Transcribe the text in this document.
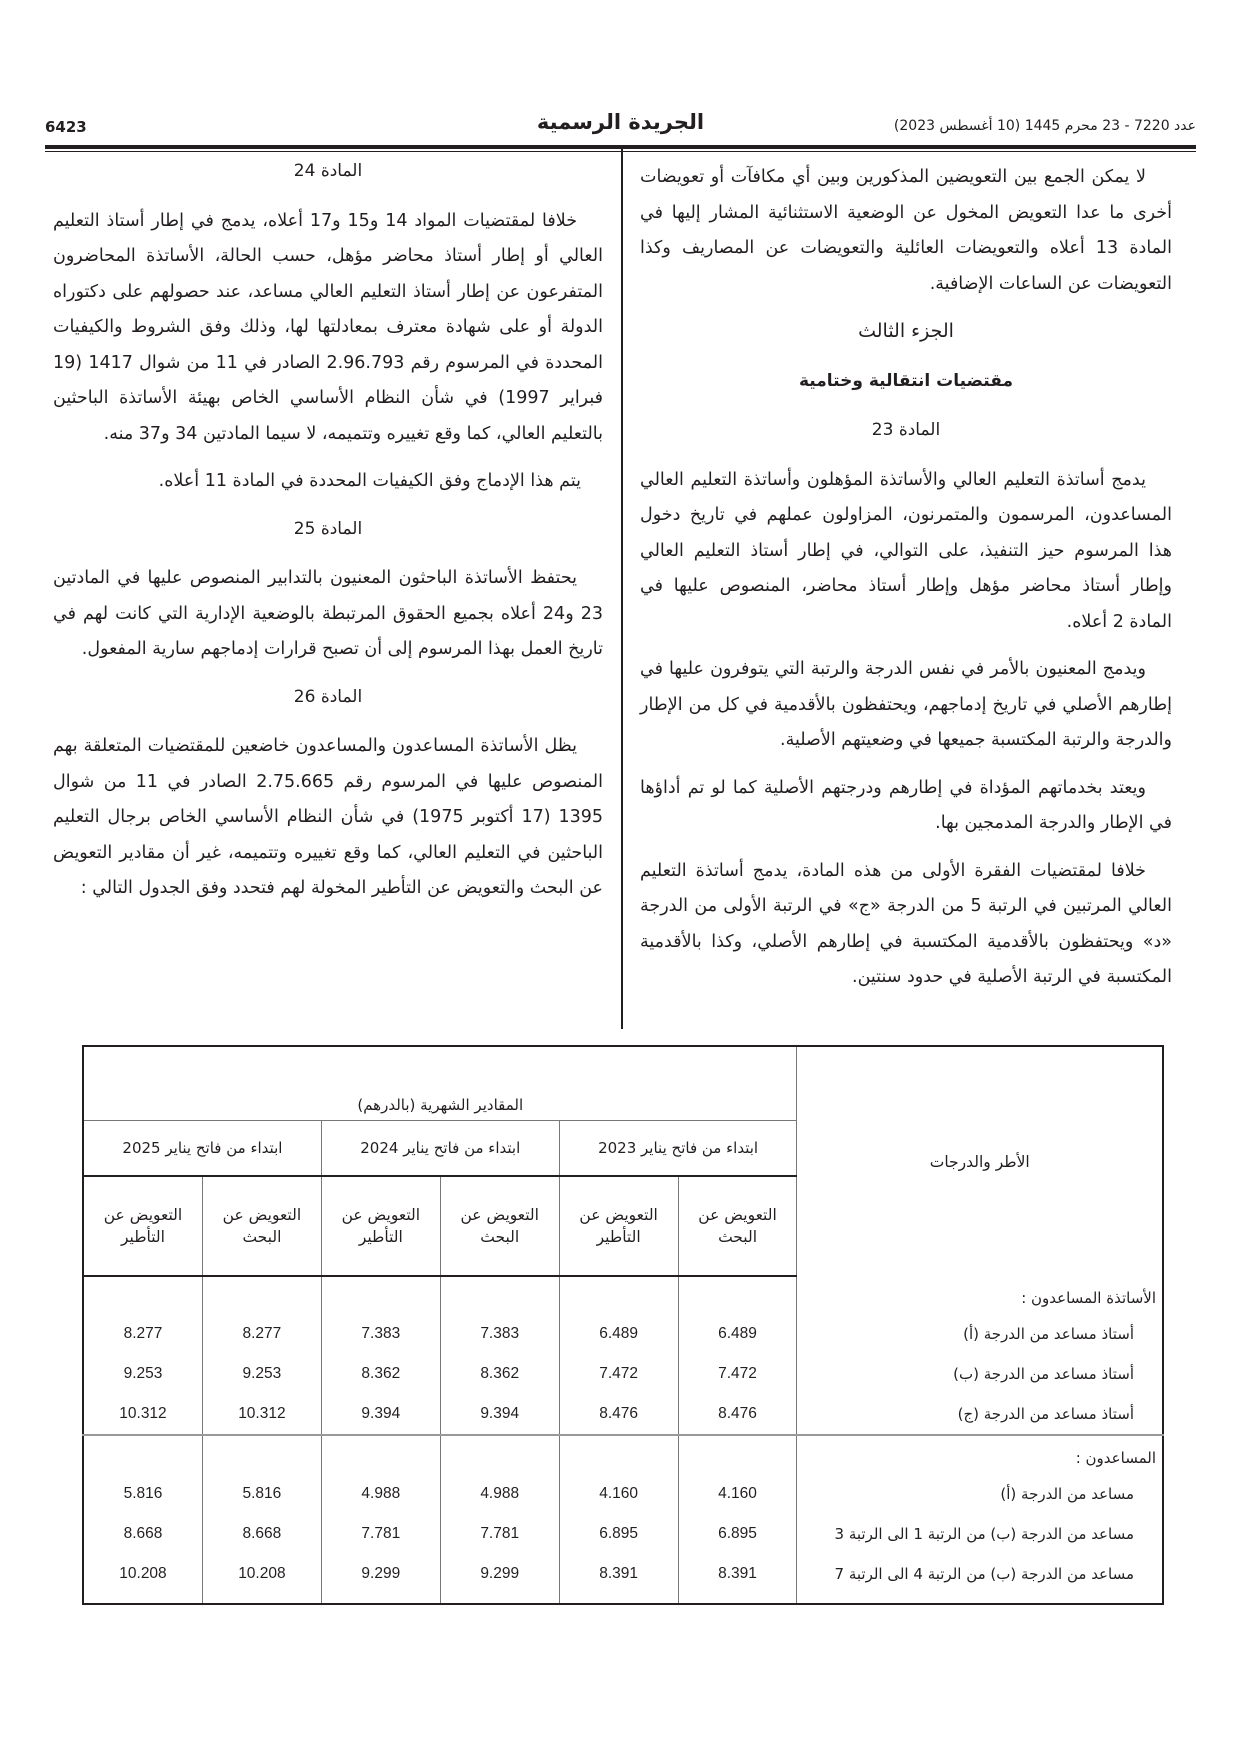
عدد 7220 - 23 محرم 1445 (10 أغسطس 2023)
الجريدة الرسمية
6423

لا يمكن الجمع بين التعويضين المذكورين وبين أي مكافآت أو تعويضات أخرى ما عدا التعويض المخول عن الوضعية الاستثنائية المشار إليها في المادة 13 أعلاه والتعويضات العائلية والتعويضات عن المصاريف وكذا التعويضات عن الساعات الإضافية.

الجزء الثالث
مقتضيات انتقالية وختامية
المادة 23

يدمج أساتذة التعليم العالي والأساتذة المؤهلون وأساتذة التعليم العالي المساعدون، المرسمون والمتمرنون، المزاولون عملهم في تاريخ دخول هذا المرسوم حيز التنفيذ، على التوالي، في إطار أستاذ التعليم العالي وإطار أستاذ محاضر مؤهل وإطار أستاذ محاضر، المنصوص عليها في المادة 2 أعلاه.

ويدمج المعنيون بالأمر في نفس الدرجة والرتبة التي يتوفرون عليها في إطارهم الأصلي في تاريخ إدماجهم، ويحتفظون بالأقدمية في كل من الإطار والدرجة والرتبة المكتسبة جميعها في وضعيتهم الأصلية.

ويعتد بخدماتهم المؤداة في إطارهم ودرجتهم الأصلية كما لو تم أداؤها في الإطار والدرجة المدمجين بها.

خلافا لمقتضيات الفقرة الأولى من هذه المادة، يدمج أساتذة التعليم العالي المرتبين في الرتبة 5 من الدرجة «ج» في الرتبة الأولى من الدرجة «د» ويحتفظون بالأقدمية المكتسبة في إطارهم الأصلي، وكذا بالأقدمية المكتسبة في الرتبة الأصلية في حدود سنتين.

المادة 24

خلافا لمقتضيات المواد 14 و15 و17 أعلاه، يدمج في إطار أستاذ التعليم العالي أو إطار أستاذ محاضر مؤهل، حسب الحالة، الأساتذة المحاضرون المتفرعون عن إطار أستاذ التعليم العالي مساعد، عند حصولهم على دكتوراه الدولة أو على شهادة معترف بمعادلتها لها، وذلك وفق الشروط والكيفيات المحددة في المرسوم رقم 2.96.793 الصادر في 11 من شوال 1417 (19 فبراير 1997) في شأن النظام الأساسي الخاص بهيئة الأساتذة الباحثين بالتعليم العالي، كما وقع تغييره وتتميمه، لا سيما المادتين 34 و37 منه.

يتم هذا الإدماج وفق الكيفيات المحددة في المادة 11 أعلاه.

المادة 25

يحتفظ الأساتذة الباحثون المعنيون بالتدابير المنصوص عليها في المادتين 23 و24 أعلاه بجميع الحقوق المرتبطة بالوضعية الإدارية التي كانت لهم في تاريخ العمل بهذا المرسوم إلى أن تصبح قرارات إدماجهم سارية المفعول.

المادة 26

يظل الأساتذة المساعدون والمساعدون خاضعين للمقتضيات المتعلقة بهم المنصوص عليها في المرسوم رقم 2.75.665 الصادر في 11 من شوال 1395 (17 أكتوبر 1975) في شأن النظام الأساسي الخاص برجال التعليم الباحثين في التعليم العالي، كما وقع تغييره وتتميمه، غير أن مقادير التعويض عن البحث والتعويض عن التأطير المخولة لهم فتحدد وفق الجدول التالي :

الأطر والدرجات	المقادير الشهرية (بالدرهم)					
	ابتداء من فاتح يناير 2023		ابتداء من فاتح يناير 2024		ابتداء من فاتح يناير 2025	
	التعويض عن البحث	التعويض عن التأطير	التعويض عن البحث	التعويض عن التأطير	التعويض عن البحث	التعويض عن التأطير
الأساتذة المساعدون :						
أستاذ مساعد من الدرجة (أ)	6.489	6.489	7.383	7.383	8.277	8.277
أستاذ مساعد من الدرجة (ب)	7.472	7.472	8.362	8.362	9.253	9.253
أستاذ مساعد من الدرجة (ج)	8.476	8.476	9.394	9.394	10.312	10.312
المساعدون :						
مساعد من الدرجة (أ)	4.160	4.160	4.988	4.988	5.816	5.816
مساعد من الدرجة (ب) من الرتبة 1 الى الرتبة 3	6.895	6.895	7.781	7.781	8.668	8.668
مساعد من الدرجة (ب) من الرتبة 4 الى الرتبة 7	8.391	8.391	9.299	9.299	10.208	10.208
